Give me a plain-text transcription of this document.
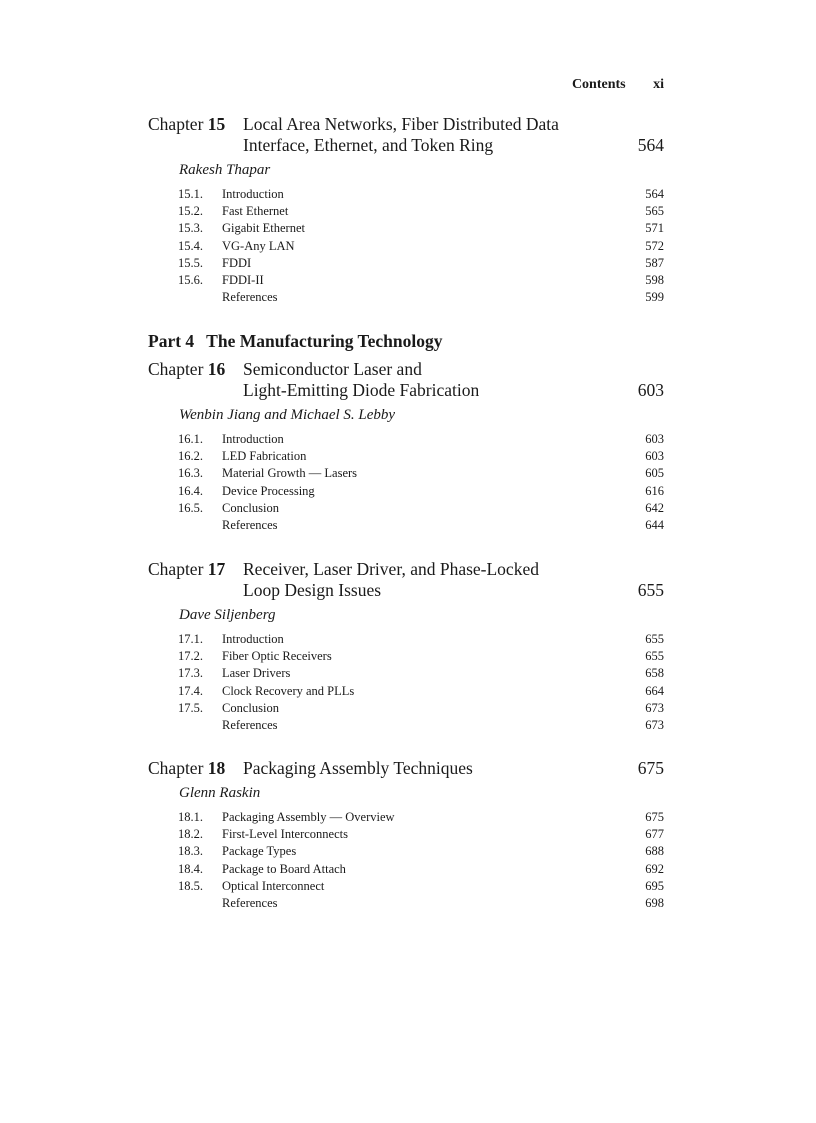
Contents xi
Chapter 15 Local Area Networks, Fiber Distributed Data
Interface, Ethernet, and Token Ring	564
Rakesh Thapar
15.1. Introduction	564
15.2. Fast Ethernet	565
15.3. Gigabit Ethernet	571
15.4. VG-Any LAN	572
15.5. FDDI	587
15.6. FDDI-II	598
References	599
Part 4 The Manufacturing Technology
Chapter 16 Semiconductor Laser and
Light-Emitting Diode Fabrication	603
Wenbin Jiang and Michael S. Lebby
16.1. Introduction	603
16.2. LED Fabrication	603
16.3. Material Growth — Lasers	605
16.4. Device Processing	616
16.5. Conclusion	642
References	644
Chapter 17 Receiver, Laser Driver, and Phase-Locked
Loop Design Issues	655
Dave Siljenberg
17.1. Introduction	655
17.2. Fiber Optic Receivers	655
17.3. Laser Drivers	658
17.4. Clock Recovery and PLLs	664
17.5. Conclusion	673
References	673
Chapter 18 Packaging Assembly Techniques	675
Glenn Raskin
18.1. Packaging Assembly — Overview	675
18.2. First-Level Interconnects	677
18.3. Package Types	688
18.4. Package to Board Attach	692
18.5. Optical Interconnect	695
References	698
